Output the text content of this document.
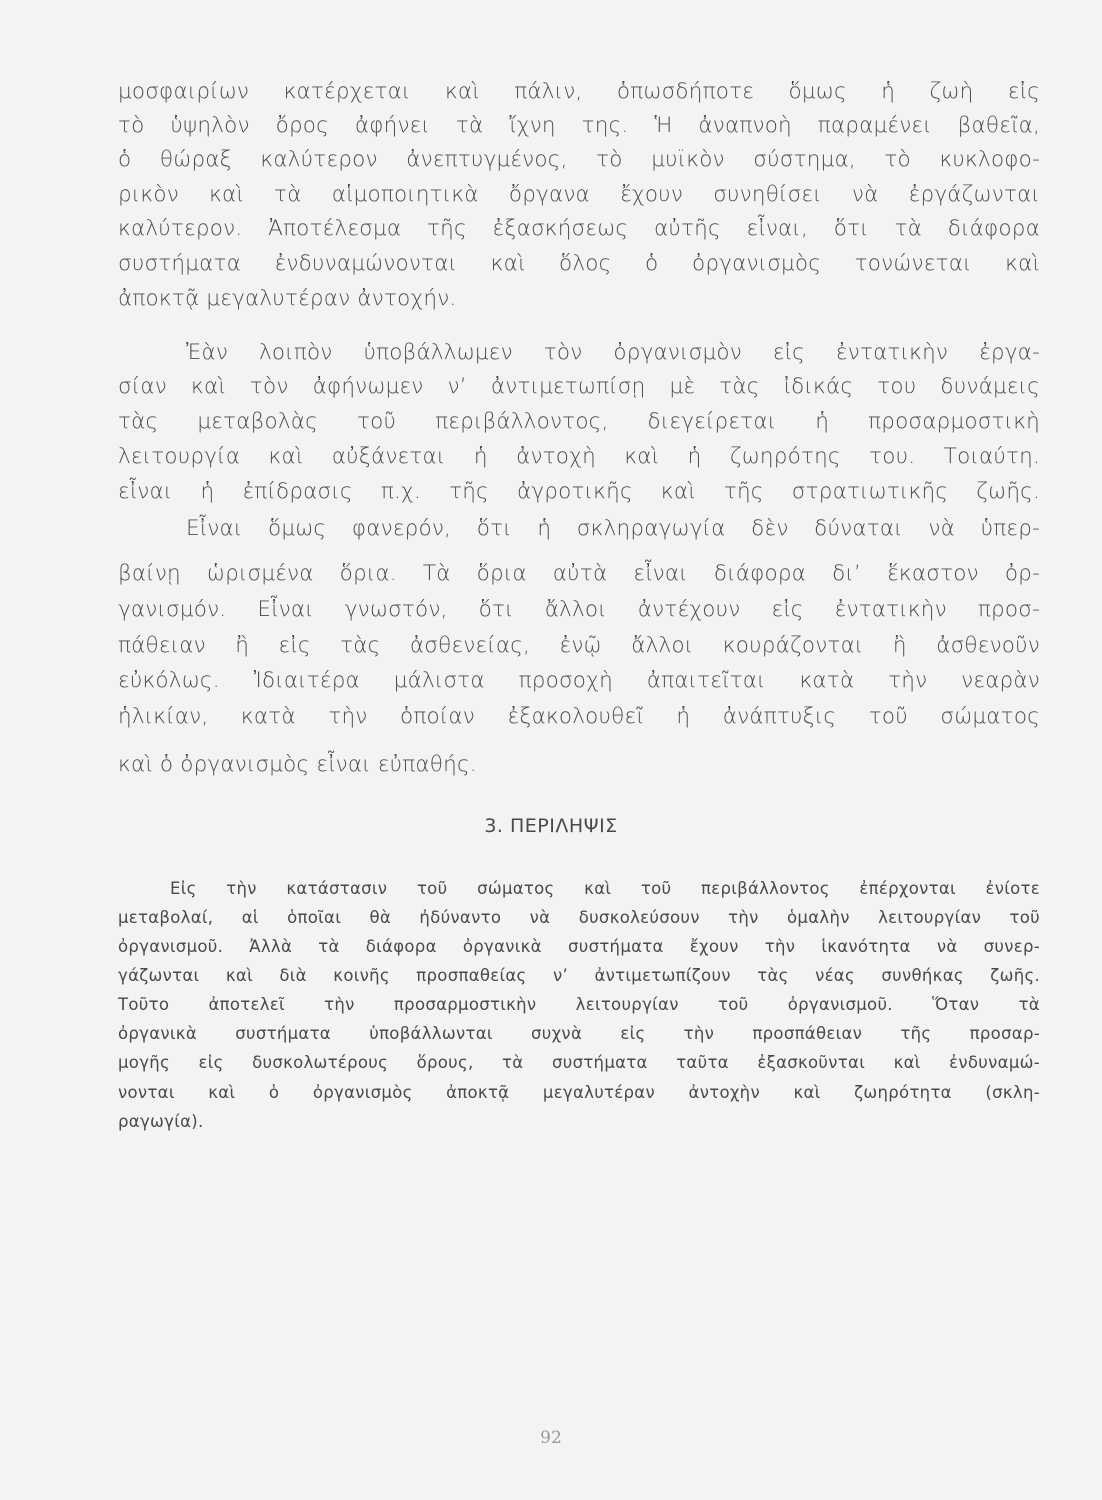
μοσφαιρίων κατέρχεται καὶ πάλιν, ὁπωσδήποτε ὅμως ἡ ζωὴ εἰς
τὸ ὑψηλὸν ὄρος ἀφήνει τὰ ἴχνη της. Ἡ ἀναπνοὴ παραμένει βαθεῖα,
ὁ θώραξ καλύτερον ἀνεπτυγμένος, τὸ μυϊκὸν σύστημα, τὸ κυκλοφο-
ρικὸν καὶ τὰ αἱμοποιητικὰ ὄργανα ἔχουν συνηθίσει νὰ ἐργάζωνται
καλύτερον. Ἀποτέλεσμα τῆς ἐξασκήσεως αὐτῆς εἶναι, ὅτι τὰ διάφορα
συστήματα ἐνδυναμώνονται καὶ ὅλος ὁ ὀργανισμὸς τονώνεται καὶ
ἀποκτᾷ μεγαλυτέραν ἀντοχήν.
Ἐὰν λοιπὸν ὑποβάλλωμεν τὸν ὀργανισμὸν εἰς ἐντατικὴν ἐργα-
σίαν καὶ τὸν ἀφήνωμεν ν’ ἀντιμετωπίσῃ μὲ τὰς ἰδικάς του δυνάμεις
τὰς μεταβολὰς τοῦ περιβάλλοντος, διεγείρεται ἡ προσαρμοστικὴ
λειτουργία καὶ αὐξάνεται ἡ ἀντοχὴ καὶ ἡ ζωηρότης του. Τοιαύτη.
εἶναι ἡ ἐπίδρασις π.χ. τῆς ἀγροτικῆς καὶ τῆς στρατιωτικῆς ζωῆς.
Εἶναι ὅμως φανερόν, ὅτι ἡ σκληραγωγία δὲν δύναται νὰ ὑπερ-
βαίνῃ ὡρισμένα ὅρια. Τὰ ὅρια αὐτὰ εἶναι διάφορα δι’ ἕκαστον ὀρ-
γανισμόν. Εἶναι γνωστόν, ὅτι ἄλλοι ἀντέχουν εἰς ἐντατικὴν προσ-
πάθειαν ἢ εἰς τὰς ἀσθενείας, ἐνῷ ἄλλοι κουράζονται ἢ ἀσθενοῦν
εὐκόλως. Ἰδιαιτέρα μάλιστα προσοχὴ ἀπαιτεῖται κατὰ τὴν νεαρὰν
ἡλικίαν, κατὰ τὴν ὁποίαν ἐξακολουθεῖ ἡ ἀνάπτυξις τοῦ σώματος
καὶ ὁ ὀργανισμὸς εἶναι εὐπαθής.
3. ΠΕΡΙΛΗΨΙΣ
Εἰς τὴν κατάστασιν τοῦ σώματος καὶ τοῦ περιβάλλοντος ἐπέρχονται ἐνίοτε
μεταβολαί, αἱ ὁποῖαι θὰ ἠδύναντο νὰ δυσκολεύσουν τὴν ὁμαλὴν λειτουργίαν τοῦ
ὀργανισμοῦ. Ἀλλὰ τὰ διάφορα ὀργανικὰ συστήματα ἔχουν τὴν ἱκανότητα νὰ συνερ-
γάζωνται καὶ διὰ κοινῆς προσπαθείας ν’ ἀντιμετωπίζουν τὰς νέας συνθήκας ζωῆς.
Τοῦτο ἀποτελεῖ τὴν προσαρμοστικὴν λειτουργίαν τοῦ ὀργανισμοῦ. Ὅταν τὰ
ὀργανικὰ συστήματα ὑποβάλλωνται συχνὰ εἰς τὴν προσπάθειαν τῆς προσαρ-
μογῆς εἰς δυσκολωτέρους ὅρους, τὰ συστήματα ταῦτα ἐξασκοῦνται καὶ ἐνδυναμώ-
νονται καὶ ὁ ὀργανισμὸς ἀποκτᾷ μεγαλυτέραν ἀντοχὴν καὶ ζωηρότητα (σκλη-
ραγωγία).
92
